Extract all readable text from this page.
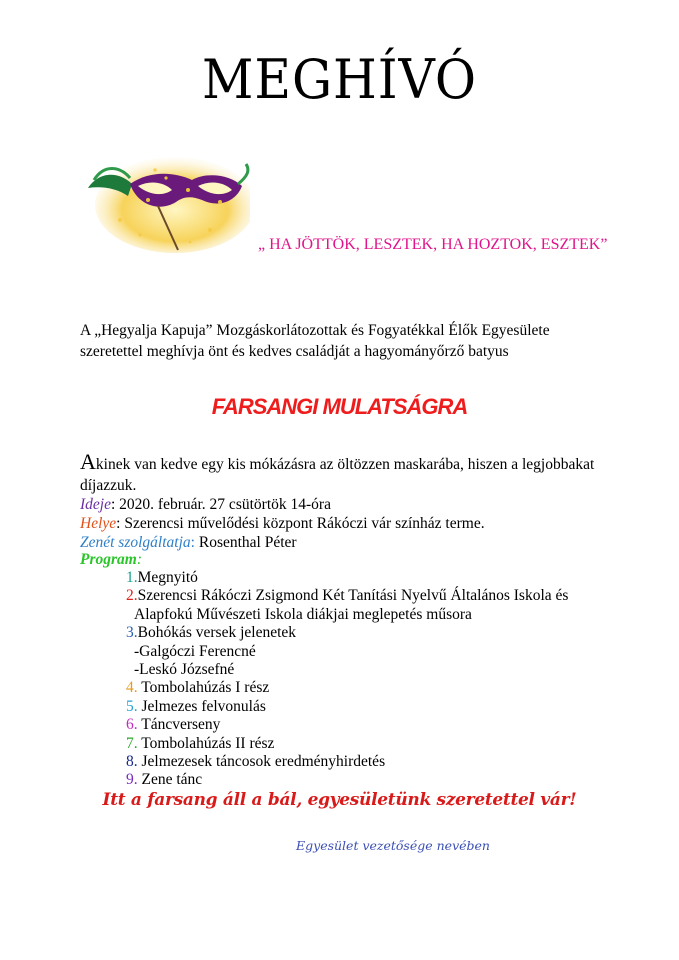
MEGHÍVÓ
„ HA JÖTTÖK, LESZTEK, HA HOZTOK, ESZTEK”
A „Hegyalja Kapuja” Mozgáskorlátozottak és Fogyatékkal Élők Egyesülete szeretettel meghívja önt és kedves családját a hagyományőrző batyus
FARSANGI MULATSÁGRA
Akinek van kedve egy kis mókázásra az öltözzen maskarába, hiszen a legjobbakat díjazzuk.
Ideje: 2020. február. 27 csütörtök 14-óra
Helye: Szerencsi művelődési központ Rákóczi vár színház terme.
Zenét szolgáltatja: Rosenthal Péter
Program:
1.Megnyitó
2.Szerencsi Rákóczi Zsigmond Két Tanítási Nyelvű Általános Iskola és
Alapfokú Művészeti Iskola diákjai meglepetés műsora
3.Bohókás versek jelenetek
-Galgóczi Ferencné
-Leskó Józsefné
4. Tombolahúzás I rész
5. Jelmezes felvonulás
6. Táncverseny
7. Tombolahúzás II rész
8. Jelmezesek táncosok eredményhirdetés
9. Zene tánc
Itt a farsang áll a bál, egyesületünk szeretettel vár!
Egyesület vezetősége nevében
